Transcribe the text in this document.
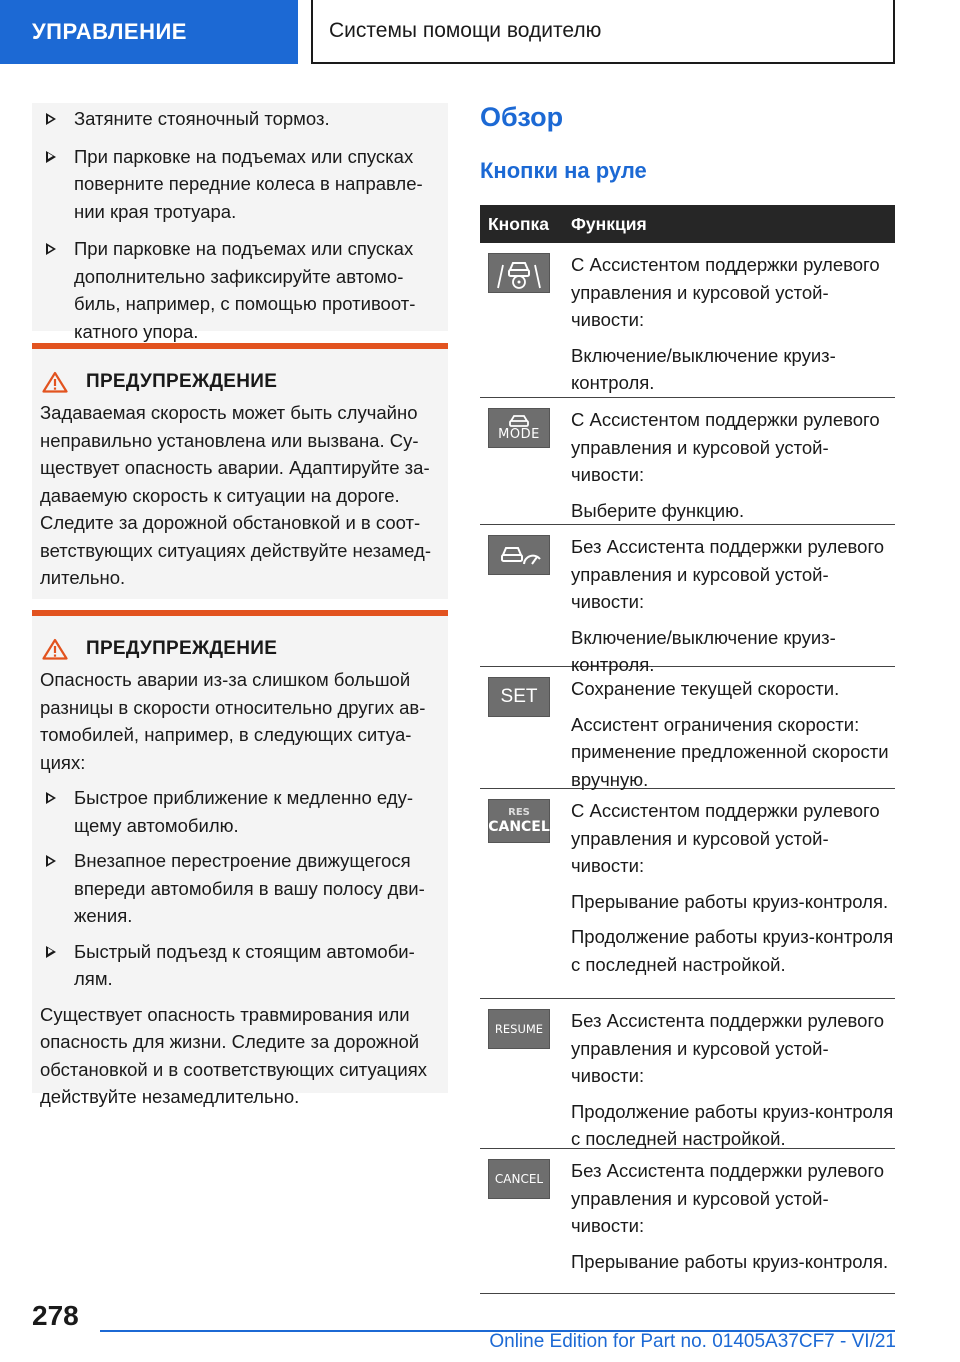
УПРАВЛЕНИЕ	Системы помощи водителю
Затяните стояночный тормоз.
При парковке на подъемах или спусках поверните передние колеса в направлении края тротуара.
При парковке на подъемах или спусках дополнительно зафиксируйте автомобиль, например, с помощью противооткатного упора.
ПРЕДУПРЕЖДЕНИЕ
Задаваемая скорость может быть случайно неправильно установлена или вызвана. Существует опасность аварии. Адаптируйте задаваемую скорость к ситуации на дороге. Следите за дорожной обстановкой и в соответствующих ситуациях действуйте незамедлительно.
ПРЕДУПРЕЖДЕНИЕ
Опасность аварии из-за слишком большой разницы в скорости относительно других автомобилей, например, в следующих ситуациях:
Быстрое приближение к медленно едущему автомобилю.
Внезапное перестроение движущегося впереди автомобиля в вашу полосу движения.
Быстрый подъезд к стоящим автомобилям.
Существует опасность травмирования или опасность для жизни. Следите за дорожной обстановкой и в соответствующих ситуациях действуйте незамедлительно.
Обзор
Кнопки на руле
Кнопка	Функция

С Ассистентом поддержки рулевого управления и курсовой устойчивости:

Включение/выключение круиз-контроля.

MODE

С Ассистентом поддержки рулевого управления и курсовой устойчивости:

Выберите функцию.

Без Ассистента поддержки рулевого управления и курсовой устойчивости:

Включение/выключение круиз-контроля.

SET Сохранение текущей скорости.

Ассистент ограничения скорости: применение предложенной скорости вручную.

RES
CANCEL

С Ассистентом поддержки рулевого управления и курсовой устойчивости:

Прерывание работы круиз-контроля.

Продолжение работы круиз-контроля с последней настройкой.

RESUME Без Ассистента поддержки рулевого управления и курсовой устойчивости:

Продолжение работы круиз-контроля с последней настройкой.

CANCEL Без Ассистента поддержки рулевого управления и курсовой устойчивости:

Прерывание работы круиз-контроля.

278
Online Edition for Part no. 01405A37CF7 - VI/21
